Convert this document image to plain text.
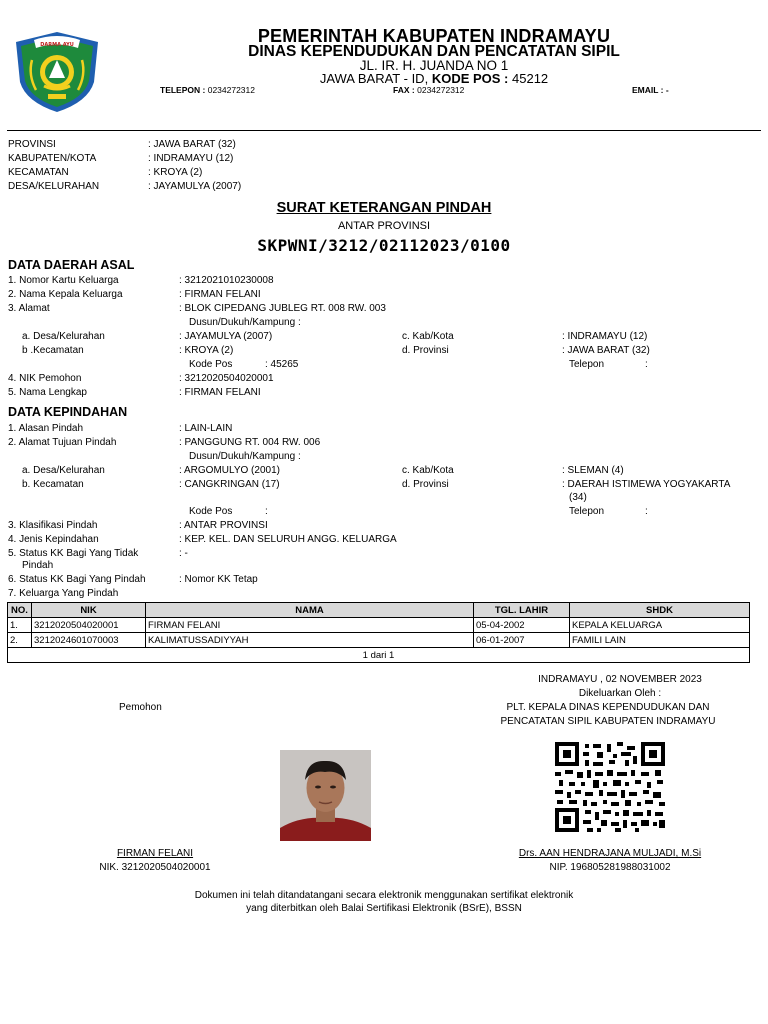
DARMA AYU	PEMERINTAH KABUPATEN INDRAMAYU
DINAS KEPENDUDUKAN DAN PENCATATAN SIPIL
JL. IR. H. JUANDA NO 1
JAWA BARAT - ID, KODE POS : 45212
TELEPON : 0234272312	FAX : 0234272312	EMAIL : -
PROVINSI	: JAWA BARAT (32)
KABUPATEN/KOTA	: INDRAMAYU (12)
KECAMATAN	: KROYA (2)
DESA/KELURAHAN	: JAYAMULYA (2007)
SURAT KETERANGAN PINDAH
ANTAR PROVINSI
SKPWNI/3212/02112023/0100
DATA DAERAH ASAL
1. Nomor Kartu Keluarga	: 3212021010230008
2. Nama Kepala Keluarga	: FIRMAN FELANI
3. Alamat	: BLOK CIPEDANG JUBLEG RT. 008 RW. 003
Dusun/Dukuh/Kampung :
a. Desa/Kelurahan	: JAYAMULYA (2007)	c. Kab/Kota	: INDRAMAYU (12)
b .Kecamatan	: KROYA (2)	d. Provinsi	: JAWA BARAT (32)
Kode Pos	: 45265	Telepon	:
4. NIK Pemohon	: 3212020504020001
5. Nama Lengkap	: FIRMAN FELANI
DATA KEPINDAHAN
1. Alasan Pindah	: LAIN-LAIN
2. Alamat Tujuan Pindah	: PANGGUNG RT. 004 RW. 006
Dusun/Dukuh/Kampung :
a. Desa/Kelurahan	: ARGOMULYO (2001)	c. Kab/Kota	: SLEMAN (4)
b. Kecamatan	: CANGKRINGAN (17)	d. Provinsi	: DAERAH ISTIMEWA YOGYAKARTA
(34)
Kode Pos	:	Telepon	:
3. Klasifikasi Pindah	: ANTAR PROVINSI
4. Jenis Kepindahan	: KEP. KEL. DAN SELURUH ANGG. KELUARGA
5. Status KK Bagi Yang Tidak
Pindah
: -
6. Status KK Bagi Yang Pindah	: Nomor KK Tetap
7. Keluarga Yang Pindah
NO.	NIK	NAMA	TGL. LAHIR	SHDK
1.	3212020504020001	FIRMAN FELANI	05-04-2002	KEPALA KELUARGA
2.	3212024601070003	KALIMATUSSADIYYAH	06-01-2007	FAMILI LAIN
1 dari 1				
INDRAMAYU , 02 NOVEMBER 2023
Dikeluarkan Oleh :
PLT. KEPALA DINAS KEPENDUDUKAN DAN
PENCATATAN SIPIL KABUPATEN INDRAMAYU
Pemohon
FIRMAN FELANI
NIK. 3212020504020001
Drs. AAN HENDRAJANA MULJADI, M.Si
NIP. 196805281988031002
Dokumen ini telah ditandatangani secara elektronik menggunakan sertifikat elektronik
yang diterbitkan oleh Balai Sertifikasi Elektronik (BSrE), BSSN
